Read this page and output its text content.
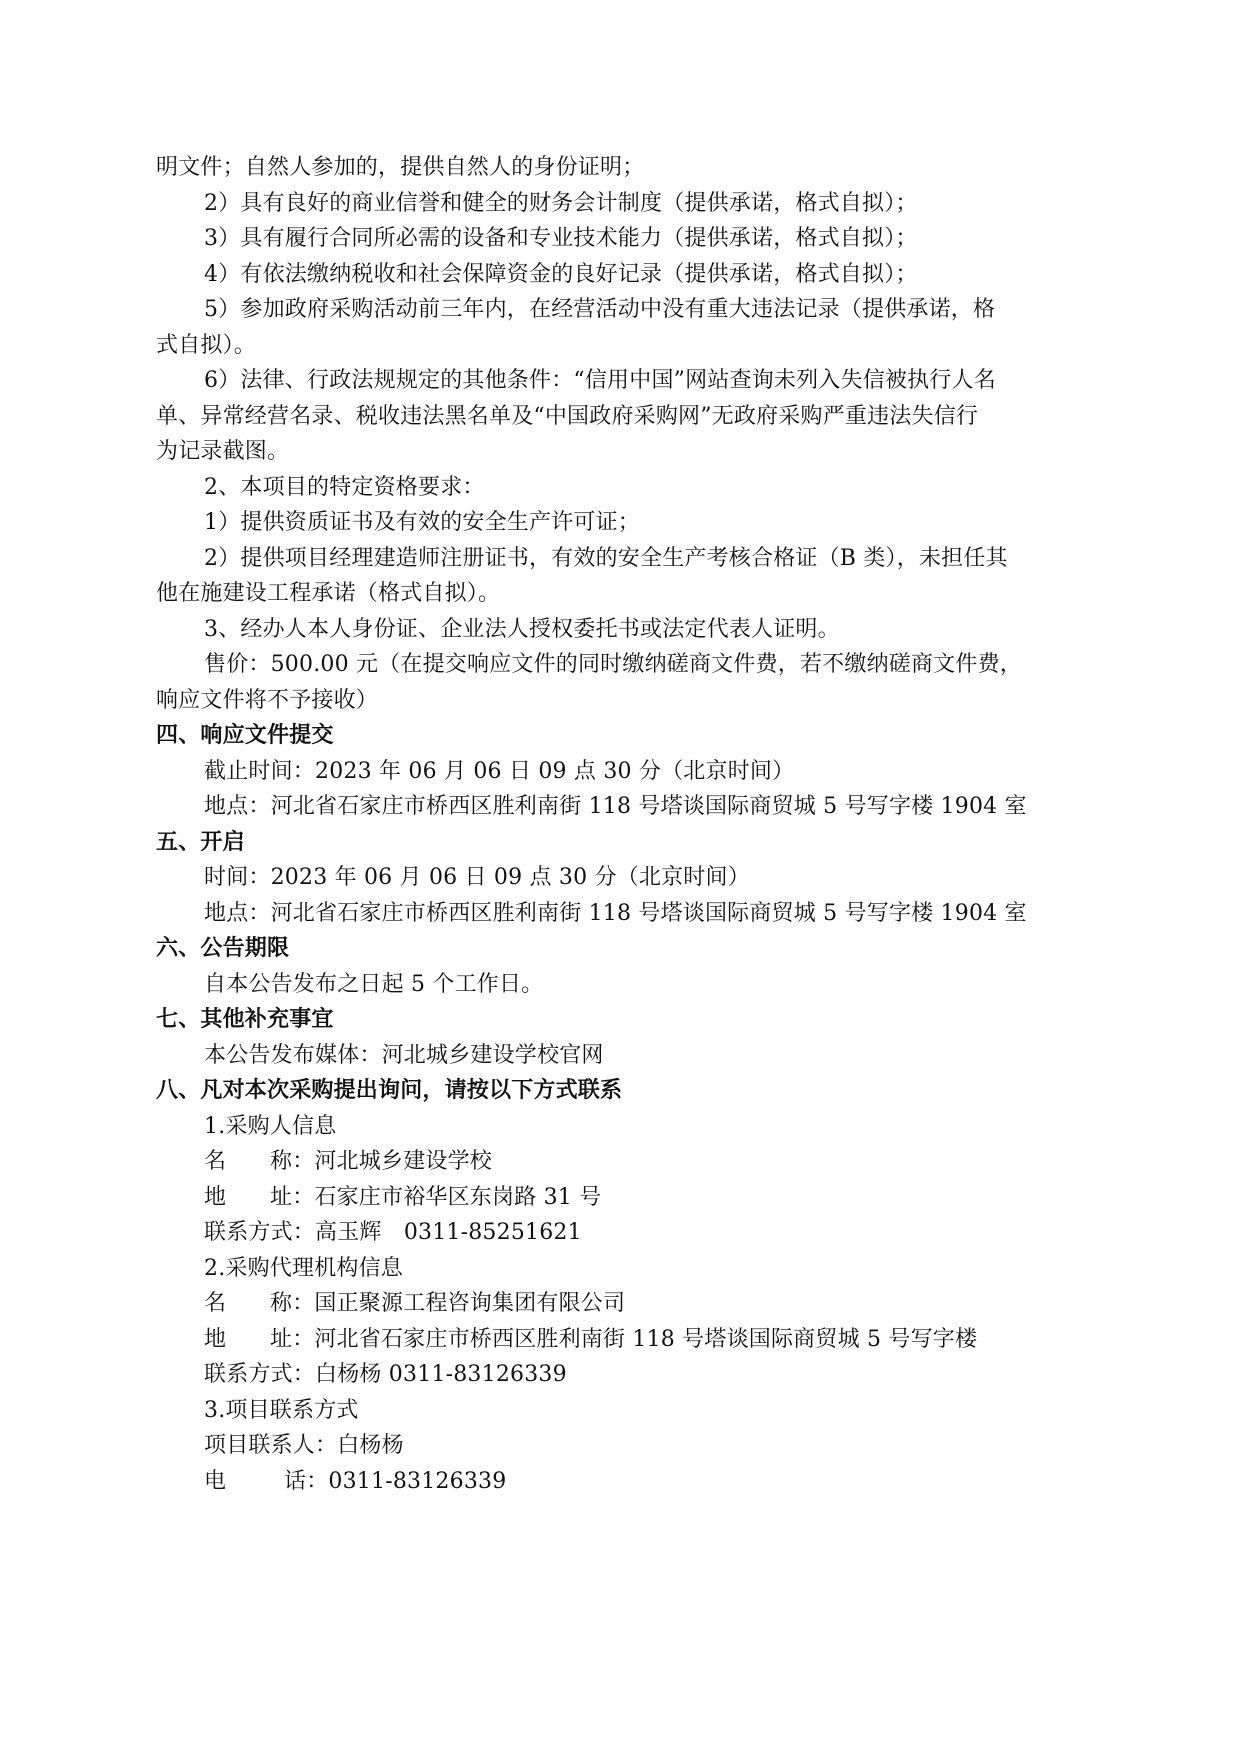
明文件；自然人参加的，提供自然人的身份证明；
2）具有良好的商业信誉和健全的财务会计制度（提供承诺，格式自拟）；
3）具有履行合同所必需的设备和专业技术能力（提供承诺，格式自拟）；
4）有依法缴纳税收和社会保障资金的良好记录（提供承诺，格式自拟）；
5）参加政府采购活动前三年内，在经营活动中没有重大违法记录（提供承诺，格
式自拟）。
6）法律、行政法规规定的其他条件：“信用中国”网站查询未列入失信被执行人名
单、异常经营名录、税收违法黑名单及“中国政府采购网”无政府采购严重违法失信行
为记录截图。
2、本项目的特定资格要求：
1）提供资质证书及有效的安全生产许可证；
2）提供项目经理建造师注册证书，有效的安全生产考核合格证（B 类），未担任其
他在施建设工程承诺（格式自拟）。
3、经办人本人身份证、企业法人授权委托书或法定代表人证明。
售价：500.00 元（在提交响应文件的同时缴纳磋商文件费，若不缴纳磋商文件费，
响应文件将不予接收）
四、响应文件提交
截止时间：2023 年 06 月 06 日 09 点 30 分（北京时间）
地点：河北省石家庄市桥西区胜利南街 118 号塔谈国际商贸城 5 号写字楼 1904 室
五、开启
时间：2023 年 06 月 06 日 09 点 30 分（北京时间）
地点：河北省石家庄市桥西区胜利南街 118 号塔谈国际商贸城 5 号写字楼 1904 室
六、公告期限
自本公告发布之日起 5 个工作日。
七、其他补充事宜
本公告发布媒体：河北城乡建设学校官网
八、凡对本次采购提出询问，请按以下方式联系
1.采购人信息
名 称：河北城乡建设学校
地 址：石家庄市裕华区东岗路 31 号
联系方式：高玉辉　0311-85251621
2.采购代理机构信息
名 称：国正聚源工程咨询集团有限公司
地 址：河北省石家庄市桥西区胜利南街 118 号塔谈国际商贸城 5 号写字楼
联系方式：白杨杨 0311-83126339
3.项目联系方式
项目联系人：白杨杨
电	话：0311-83126339
